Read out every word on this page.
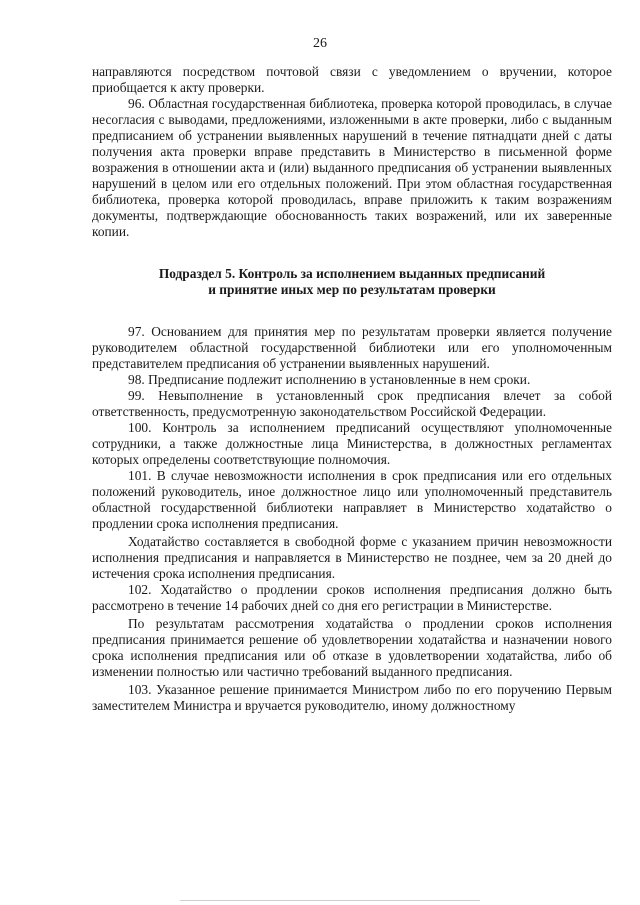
26

направляются посредством почтовой связи с уведомлением о вручении, которое приобщается к акту проверки.

96. Областная государственная библиотека, проверка которой проводилась, в случае несогласия с выводами, предложениями, изложенными в акте проверки, либо с выданным предписанием об устранении выявленных нарушений в течение пятнадцати дней с даты получения акта проверки вправе представить в Министерство в письменной форме возражения в отношении акта и (или) выданного предписания об устранении выявленных нарушений в целом или его отдельных положений. При этом областная государственная библиотека, проверка которой проводилась, вправе приложить к таким возражениям документы, подтверждающие обоснованность таких возражений, или их заверенные копии.

Подраздел 5. Контроль за исполнением выданных предписаний
и принятие иных мер по результатам проверки

97. Основанием для принятия мер по результатам проверки является получение руководителем областной государственной библиотеки или его уполномоченным представителем предписания об устранении выявленных нарушений.

98. Предписание подлежит исполнению в установленные в нем сроки.

99. Невыполнение в установленный срок предписания влечет за собой ответственность, предусмотренную законодательством Российской Федерации.

100. Контроль за исполнением предписаний осуществляют уполномоченные сотрудники, а также должностные лица Министерства, в должностных регламентах которых определены соответствующие полномочия.

101. В случае невозможности исполнения в срок предписания или его отдельных положений руководитель, иное должностное лицо или уполномоченный представитель областной государственной библиотеки направляет в Министерство ходатайство о продлении срока исполнения предписания.

Ходатайство составляется в свободной форме с указанием причин невозможности исполнения предписания и направляется в Министерство не позднее, чем за 20 дней до истечения срока исполнения предписания.

102. Ходатайство о продлении сроков исполнения предписания должно быть рассмотрено в течение 14 рабочих дней со дня его регистрации в Министерстве.

По результатам рассмотрения ходатайства о продлении сроков исполнения предписания принимается решение об удовлетворении ходатайства и назначении нового срока исполнения предписания или об отказе в удовлетворении ходатайства, либо об изменении полностью или частично требований выданного предписания.

103. Указанное решение принимается Министром либо по его поручению Первым заместителем Министра и вручается руководителю, иному должностному
